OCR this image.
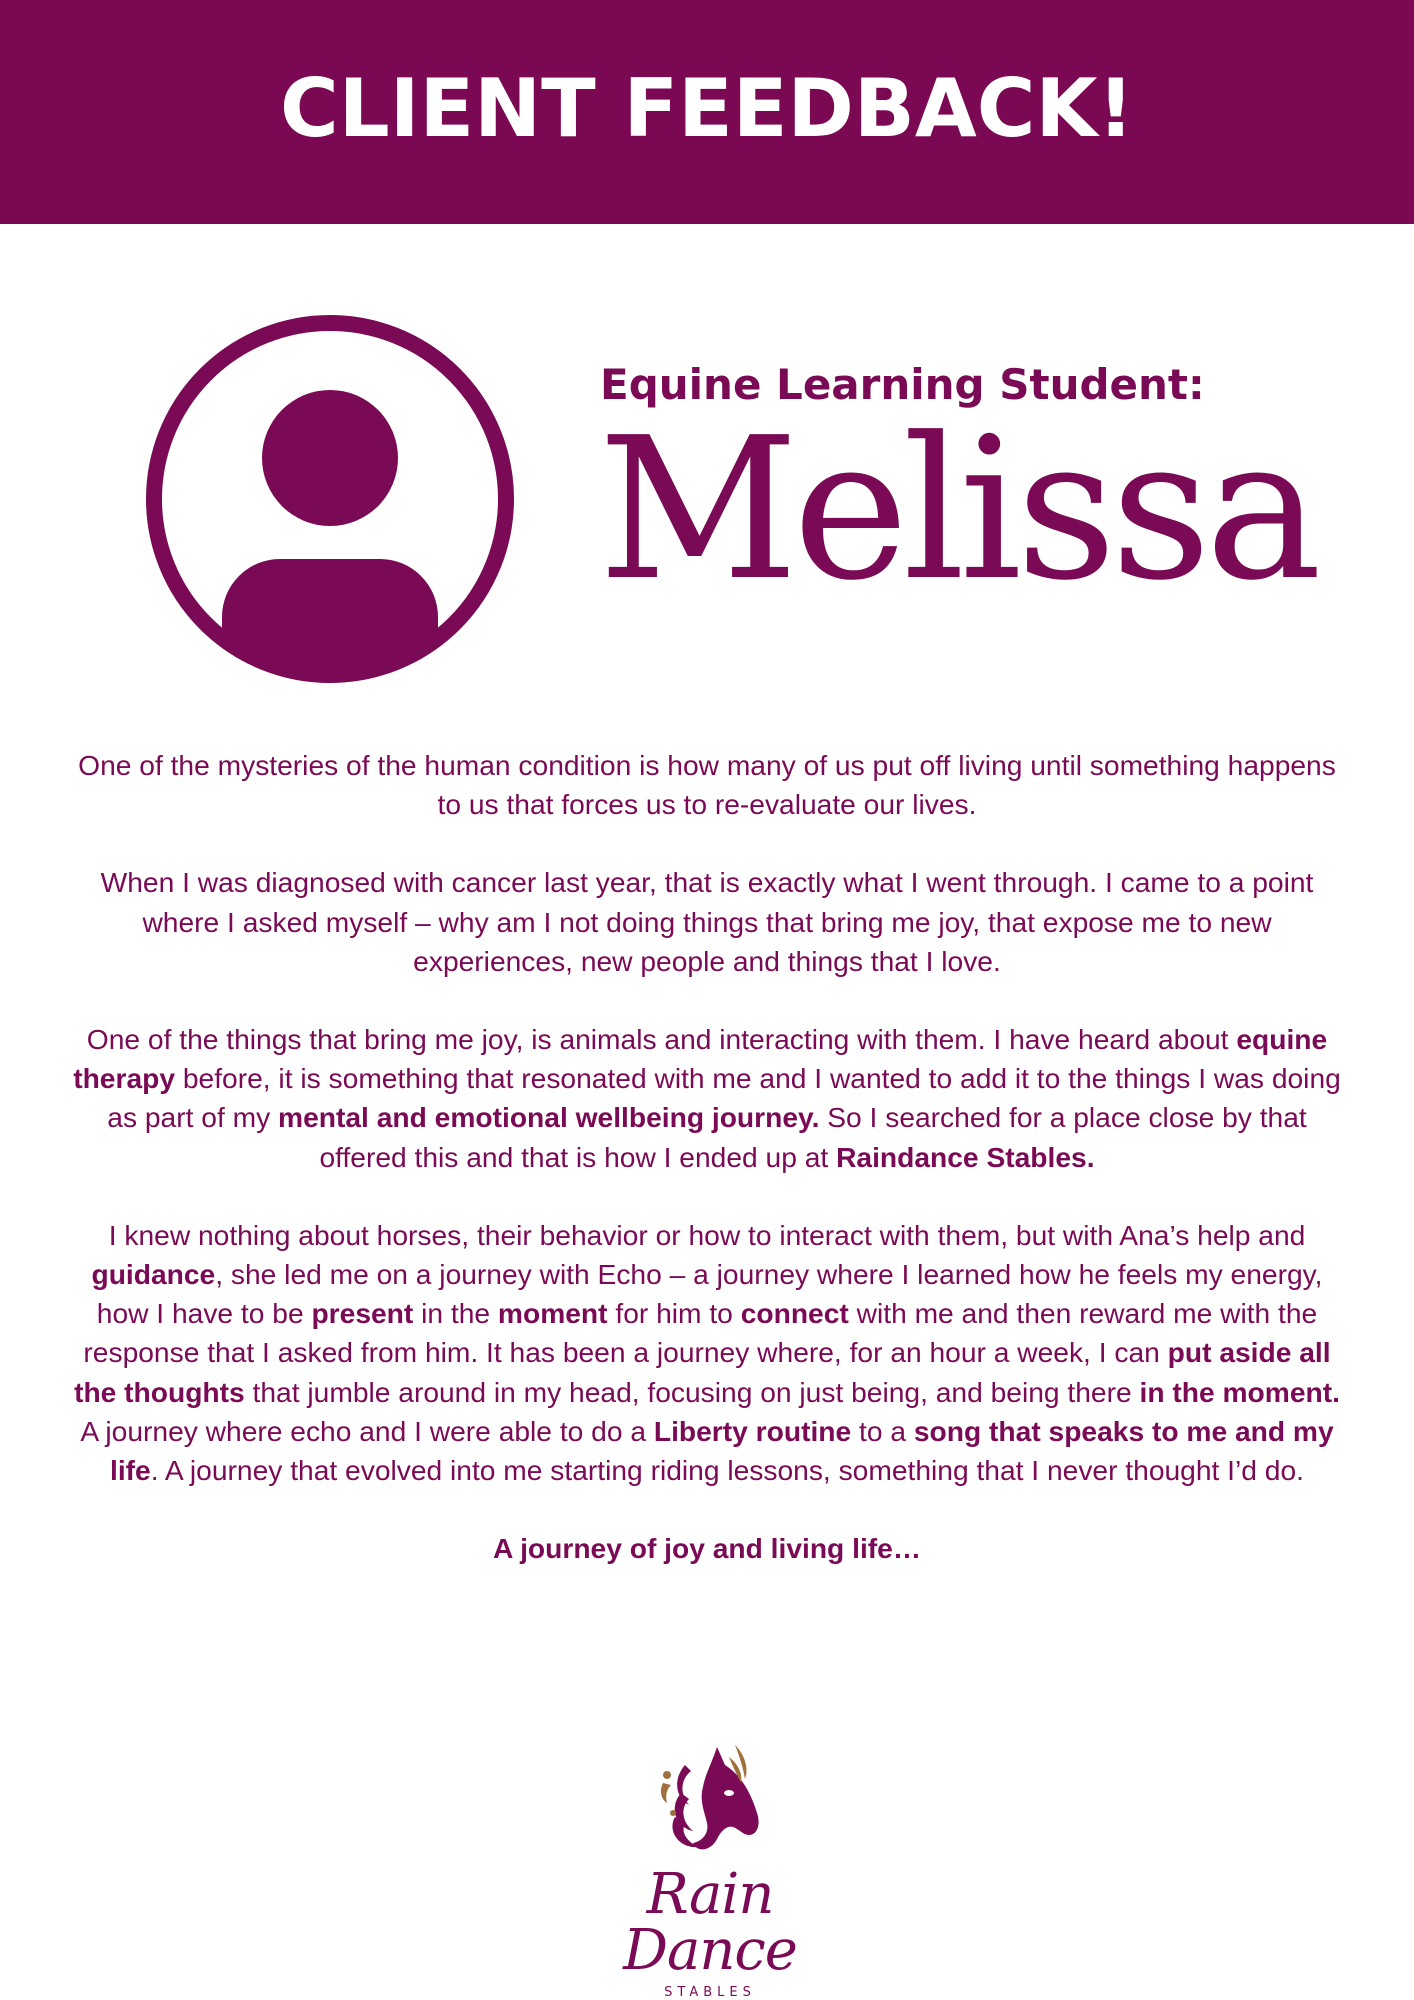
CLIENT FEEDBACK!
Equine Learning Student:
Melissa

One of the mysteries of the human condition is how many of us put off living until something happens to us that forces us to re-evaluate our lives.

When I was diagnosed with cancer last year, that is exactly what I went through. I came to a point where I asked myself – why am I not doing things that bring me joy, that expose me to new experiences, new people and things that I love.

One of the things that bring me joy, is animals and interacting with them. I have heard about equine therapy before, it is something that resonated with me and I wanted to add it to the things I was doing as part of my mental and emotional wellbeing journey. So I searched for a place close by that offered this and that is how I ended up at Raindance Stables.

I knew nothing about horses, their behavior or how to interact with them, but with Ana’s help and guidance, she led me on a journey with Echo – a journey where I learned how he feels my energy, how I have to be present in the moment for him to connect with me and then reward me with the response that I asked from him. It has been a journey where, for an hour a week, I can put aside all the thoughts that jumble around in my head, focusing on just being, and being there in the moment. A journey where echo and I were able to do a Liberty routine to a song that speaks to me and my life. A journey that evolved into me starting riding lessons, something that I never thought I’d do.

A journey of joy and living life…

Rain Dance
STABLES
